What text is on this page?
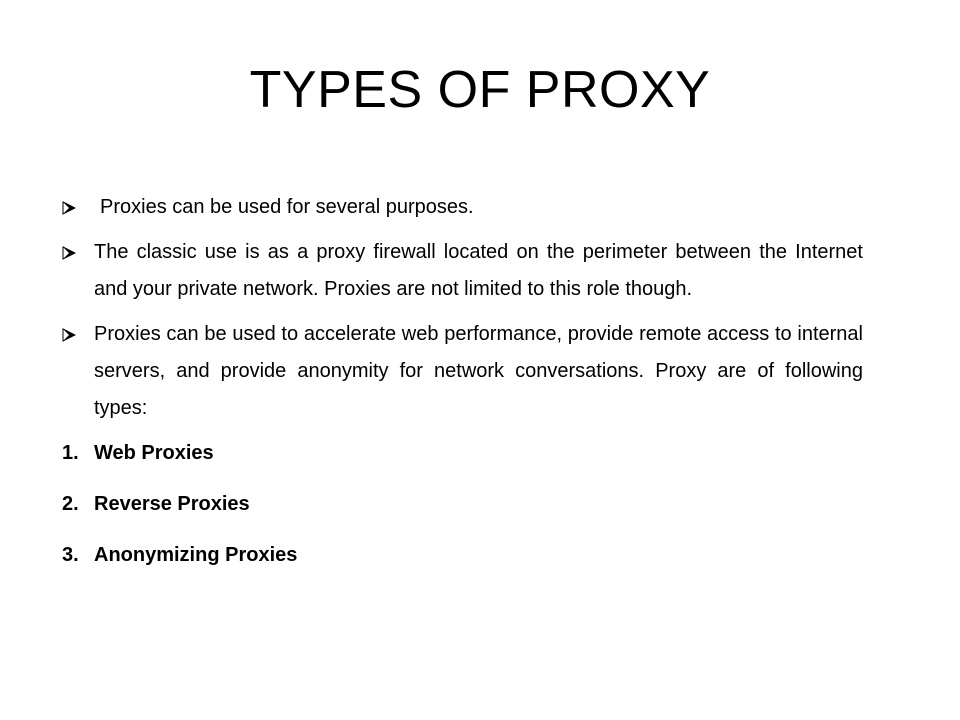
TYPES OF PROXY
Proxies can be used for several purposes.
The classic use is as a proxy firewall located on the perimeter between the Internet and your private network. Proxies are not limited to this role though.
Proxies can be used to accelerate web performance, provide remote access to internal servers, and provide anonymity for network conversations. Proxy are of following types:
1. Web Proxies
2. Reverse Proxies
3. Anonymizing Proxies
